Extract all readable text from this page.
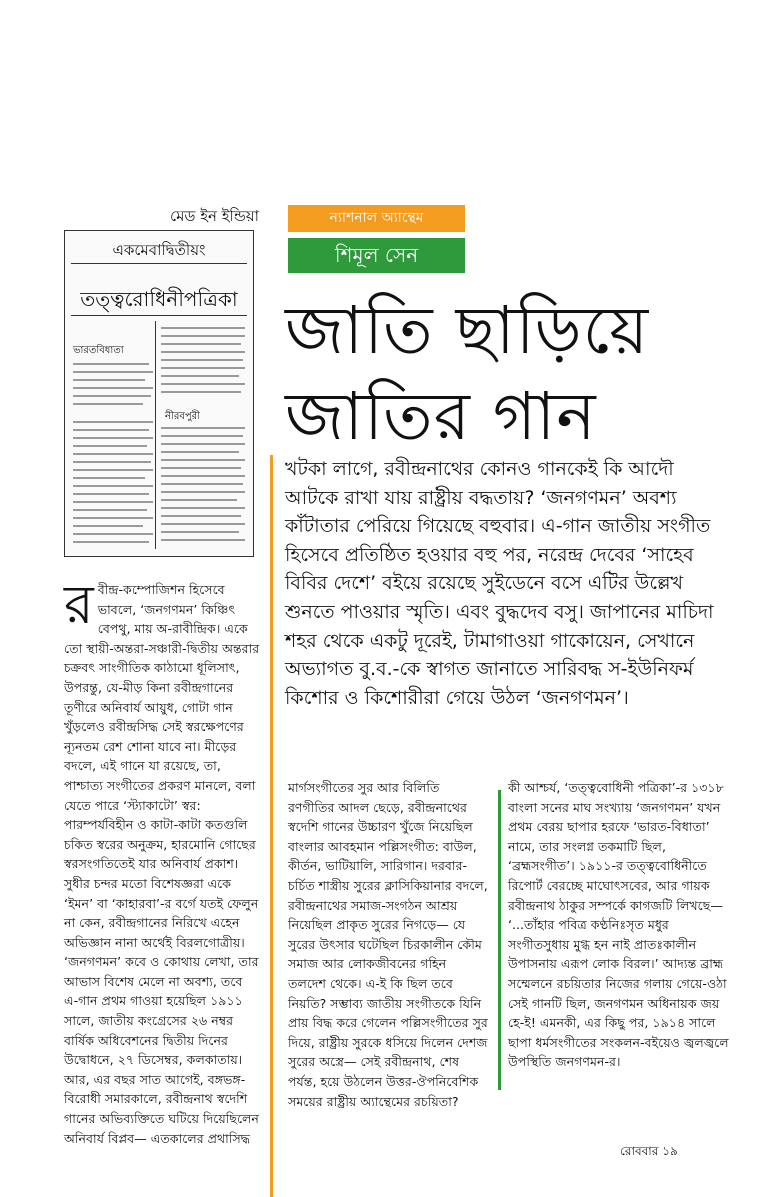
মেড ইন ইন্ডিয়া	ন্যাশনাল অ্যান্থেম
শিমূল সেন
একমেবাদ্বিতীয়ং
তত্ত্বরোধিনীপত্রিকা
ভারতবিধাতা
নীরবপুরী
জাতি ছাড়িয়ে
জাতির গান
খটকা লাগে, রবীন্দ্রনাথের কোনও গানকেই কি আদৌ আটকে রাখা যায় রাষ্ট্রীয় বদ্ধতায়? ‘জনগণমন’ অবশ্য কাঁটাতার পেরিয়ে গিয়েছে বহুবার। এ-গান জাতীয় সংগীত হিসেবে প্রতিষ্ঠিত হওয়ার বহু পর, নরেন্দ্র দেবের ‘সাহেব বিবির দেশে’ বইয়ে রয়েছে সুইডেনে বসে এটির উল্লেখ শুনতে পাওয়ার স্মৃতি। এবং বুদ্ধদেব বসু। জাপানের মাচিদা শহর থেকে একটু দূরেই, টামাগাওয়া গাকোয়েন, সেখানে অভ্যাগত বু.ব.-কে স্বাগত জানাতে সারিবদ্ধ স-ইউনিফর্ম কিশোর ও কিশোরীরা গেয়ে উঠল ‘জনগণমন’।
রবীন্দ্র-কম্পোজিশন হিসেবে ভাবলে, ‘জনগণমন’ কিঞ্চিৎ বেপথু, মায় অ-রাবীন্দ্রিক। একে তো স্থায়ী-অন্তরা-সঞ্চারী-দ্বিতীয় অন্তরার চক্রবৎ সাংগীতিক কাঠামো ধূলিসাৎ, উপরন্তু, যে-মীড় কিনা রবীন্দ্রগানের তূণীরে অনিবার্য আয়ুধ, গোটা গান খুঁড়লেও রবীন্দ্রসিদ্ধ সেই স্বরক্ষেপণের ন্যূনতম রেশ শোনা যাবে না। মীড়ের বদলে, এই গানে যা রয়েছে, তা, পাশ্চাত্য সংগীতের প্রকরণ মানলে, বলা যেতে পারে ‘স্ট্যাকাটো’ স্বর: পারম্পর্যবিহীন ও কাটা-কাটা কতগুলি চকিত স্বরের অনুক্রম, হারমোনি গোছের স্বরসংগতিতেই যার অনিবার্য প্রকাশ। সুধীর চন্দর মতো বিশেষজ্ঞরা একে ‘ইমন’ বা ‘কাহারবা’-র বর্গে যতই ফেলুন না কেন, রবীন্দ্রগানের নিরিখে এহেন অভিজ্ঞান নানা অর্থেই বিরলগোত্রীয়। ‘জনগণমন’ কবে ও কোথায় লেখা, তার আভাস বিশেষ মেলে না অবশ্য, তবে এ-গান প্রথম গাওয়া হয়েছিল ১৯১১ সালে, জাতীয় কংগ্রেসের ২৬ নম্বর বার্ষিক অধিবেশনের দ্বিতীয় দিনের উদ্বোধনে, ২৭ ডিসেম্বর, কলকাতায়। আর, এর বছর সাত আগেই, বঙ্গভঙ্গ-বিরোধী সমারকালে, রবীন্দ্রনাথ স্বদেশি গানের অভিব্যক্তিতে ঘটিয়ে দিয়েছিলেন অনিবার্য বিপ্লব— এতকালের প্রথাসিদ্ধ
মার্গসংগীতের সুর আর বিলিতি রণগীতির আদল ছেড়ে, রবীন্দ্রনাথের স্বদেশি গানের উচ্চারণ খুঁজে নিয়েছিল বাংলার আবহমান পল্লিসংগীত: বাউল, কীর্তন, ভাটিয়ালি, সারিগান। দরবার-চর্চিত শাস্ত্রীয় সুরের ক্লাসিকিয়ানার বদলে, রবীন্দ্রনাথের সমাজ-সংগঠন আশ্রয় নিয়েছিল প্রাকৃত সুরের নিগড়ে— যে সুরের উৎসার ঘটেছিল চিরকালীন কৌম সমাজ আর লোকজীবনের গহিন তলদেশ থেকে। এ-ই কি ছিল তবে নিয়তি? সম্ভাব্য জাতীয় সংগীতকে যিনি প্রায় বিদ্ধ করে গেলেন পল্লিসংগীতের সুর দিয়ে, রাষ্ট্রীয় সুরকে ধসিয়ে দিলেন দেশজ সুরের অস্ত্রে— সেই রবীন্দ্রনাথ, শেষ পর্যন্ত, হয়ে উঠলেন উত্তর-ঔপনিবেশিক সময়ের রাষ্ট্রীয় অ্যান্থেমের রচয়িতা?
কী আশ্চর্য, ‘তত্ত্ববোধিনী পত্রিকা’-র ১৩১৮ বাংলা সনের মাঘ সংখ্যায় ‘জনগণমন’ যখন প্রথম বেরয় ছাপার হরফে ‘ভারত-বিধাতা’ নামে, তার সংলগ্ন তকমাটি ছিল, ‘ব্রহ্মসংগীত’। ১৯১১-র তত্ত্ববোধিনীতে রিপোর্ট বেরচ্ছে মাঘোৎসবের, আর গায়ক রবীন্দ্রনাথ ঠাকুর সম্পর্কে কাগজটি লিখছে— ‘...তাঁহার পবিত্র কণ্ঠনিঃসৃত মধুর সংগীতসুধায় মুগ্ধ হন নাই প্রাতঃকালীন উপাসনায় এরূপ লোক বিরল।’ আদ্যন্ত ব্রাহ্ম সম্মেলনে রচয়িতার নিজের গলায় গেয়ে-ওঠা সেই গানটি ছিল, জনগণমন অধিনায়ক জয় হে-ই! এমনকী, এর কিছু পর, ১৯১৪ সালে ছাপা ধর্মসংগীতের সংকলন-বইয়েও জ্বলজ্বলে উপস্থিতি জনগণমন-র।
রোববার ১৯
